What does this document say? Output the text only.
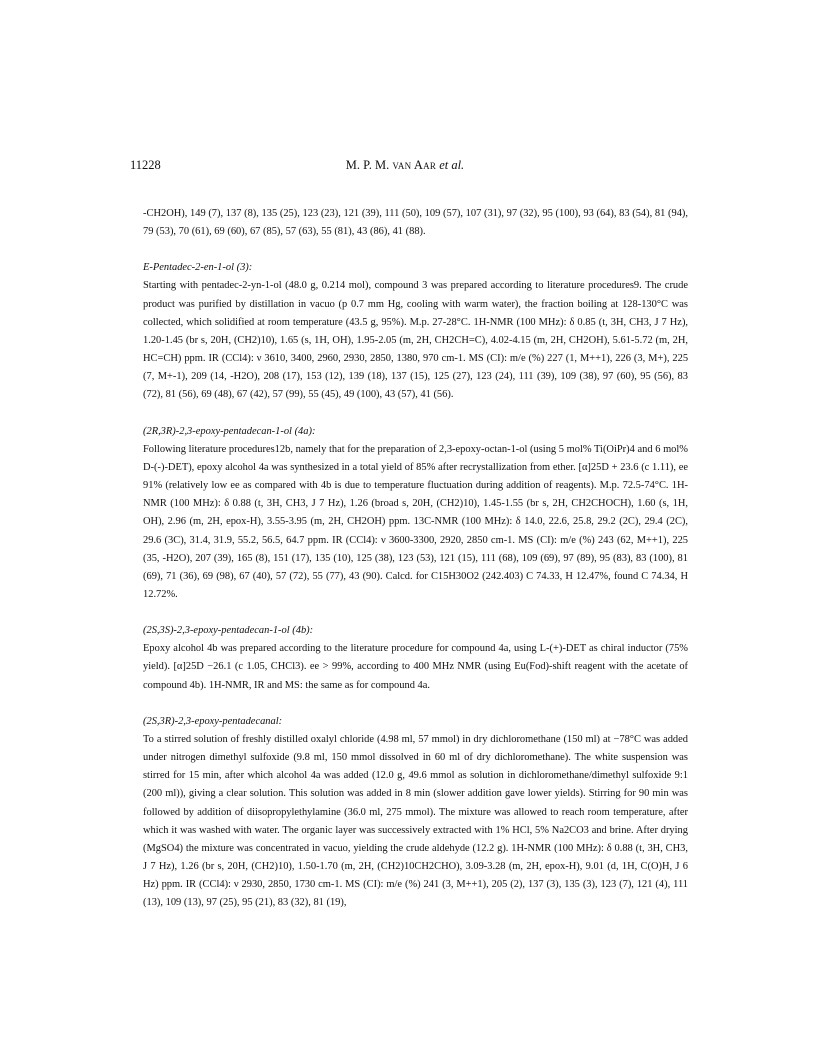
11228	M. P. M. van Aar et al.

-CH2OH), 149 (7), 137 (8), 135 (25), 123 (23), 121 (39), 111 (50), 109 (57), 107 (31), 97 (32), 95 (100), 93 (64), 83 (54), 81 (94), 79 (53), 70 (61), 69 (60), 67 (85), 57 (63), 55 (81), 43 (86), 41 (88).

E-Pentadec-2-en-1-ol (3):

Starting with pentadec-2-yn-1-ol (48.0 g, 0.214 mol), compound 3 was prepared according to literature procedures9. The crude product was purified by distillation in vacuo (p 0.7 mm Hg, cooling with warm water), the fraction boiling at 128-130°C was collected, which solidified at room temperature (43.5 g, 95%). M.p. 27-28°C. 1H-NMR (100 MHz): δ 0.85 (t, 3H, CH3, J 7 Hz), 1.20-1.45 (br s, 20H, (CH2)10), 1.65 (s, 1H, OH), 1.95-2.05 (m, 2H, CH2CH=C), 4.02-4.15 (m, 2H, CH2OH), 5.61-5.72 (m, 2H, HC=CH) ppm. IR (CCl4): ν 3610, 3400, 2960, 2930, 2850, 1380, 970 cm-1. MS (CI): m/e (%) 227 (1, M++1), 226 (3, M+), 225 (7, M+-1), 209 (14, -H2O), 208 (17), 153 (12), 139 (18), 137 (15), 125 (27), 123 (24), 111 (39), 109 (38), 97 (60), 95 (56), 83 (72), 81 (56), 69 (48), 67 (42), 57 (99), 55 (45), 49 (100), 43 (57), 41 (56).

(2R,3R)-2,3-epoxy-pentadecan-1-ol (4a):

Following literature procedures12b, namely that for the preparation of 2,3-epoxy-octan-1-ol (using 5 mol% Ti(OiPr)4 and 6 mol% D-(-)-DET), epoxy alcohol 4a was synthesized in a total yield of 85% after recrystallization from ether. [α]25D + 23.6 (c 1.11), ee 91% (relatively low ee as compared with 4b is due to temperature fluctuation during addition of reagents). M.p. 72.5-74°C. 1H-NMR (100 MHz): δ 0.88 (t, 3H, CH3, J 7 Hz), 1.26 (broad s, 20H, (CH2)10), 1.45-1.55 (br s, 2H, CH2CHOCH), 1.60 (s, 1H, OH), 2.96 (m, 2H, epox-H), 3.55-3.95 (m, 2H, CH2OH) ppm. 13C-NMR (100 MHz): δ 14.0, 22.6, 25.8, 29.2 (2C), 29.4 (2C), 29.6 (3C), 31.4, 31.9, 55.2, 56.5, 64.7 ppm. IR (CCl4): ν 3600-3300, 2920, 2850 cm-1. MS (CI): m/e (%) 243 (62, M++1), 225 (35, -H2O), 207 (39), 165 (8), 151 (17), 135 (10), 125 (38), 123 (53), 121 (15), 111 (68), 109 (69), 97 (89), 95 (83), 83 (100), 81 (69), 71 (36), 69 (98), 67 (40), 57 (72), 55 (77), 43 (90). Calcd. for C15H30O2 (242.403) C 74.33, H 12.47%, found C 74.34, H 12.72%.

(2S,3S)-2,3-epoxy-pentadecan-1-ol (4b):

Epoxy alcohol 4b was prepared according to the literature procedure for compound 4a, using L-(+)-DET as chiral inductor (75% yield). [α]25D −26.1 (c 1.05, CHCl3). ee > 99%, according to 400 MHz NMR (using Eu(Fod)-shift reagent with the acetate of compound 4b). 1H-NMR, IR and MS: the same as for compound 4a.

(2S,3R)-2,3-epoxy-pentadecanal:

To a stirred solution of freshly distilled oxalyl chloride (4.98 ml, 57 mmol) in dry dichloromethane (150 ml) at −78°C was added under nitrogen dimethyl sulfoxide (9.8 ml, 150 mmol dissolved in 60 ml of dry dichloromethane). The white suspension was stirred for 15 min, after which alcohol 4a was added (12.0 g, 49.6 mmol as solution in dichloromethane/dimethyl sulfoxide 9:1 (200 ml)), giving a clear solution. This solution was added in 8 min (slower addition gave lower yields). Stirring for 90 min was followed by addition of diisopropylethylamine (36.0 ml, 275 mmol). The mixture was allowed to reach room temperature, after which it was washed with water. The organic layer was successively extracted with 1% HCl, 5% Na2CO3 and brine. After drying (MgSO4) the mixture was concentrated in vacuo, yielding the crude aldehyde (12.2 g). 1H-NMR (100 MHz): δ 0.88 (t, 3H, CH3, J 7 Hz), 1.26 (br s, 20H, (CH2)10), 1.50-1.70 (m, 2H, (CH2)10CH2CHO), 3.09-3.28 (m, 2H, epox-H), 9.01 (d, 1H, C(O)H, J 6 Hz) ppm. IR (CCl4): ν 2930, 2850, 1730 cm-1. MS (CI): m/e (%) 241 (3, M++1), 205 (2), 137 (3), 135 (3), 123 (7), 121 (4), 111 (13), 109 (13), 97 (25), 95 (21), 83 (32), 81 (19),
